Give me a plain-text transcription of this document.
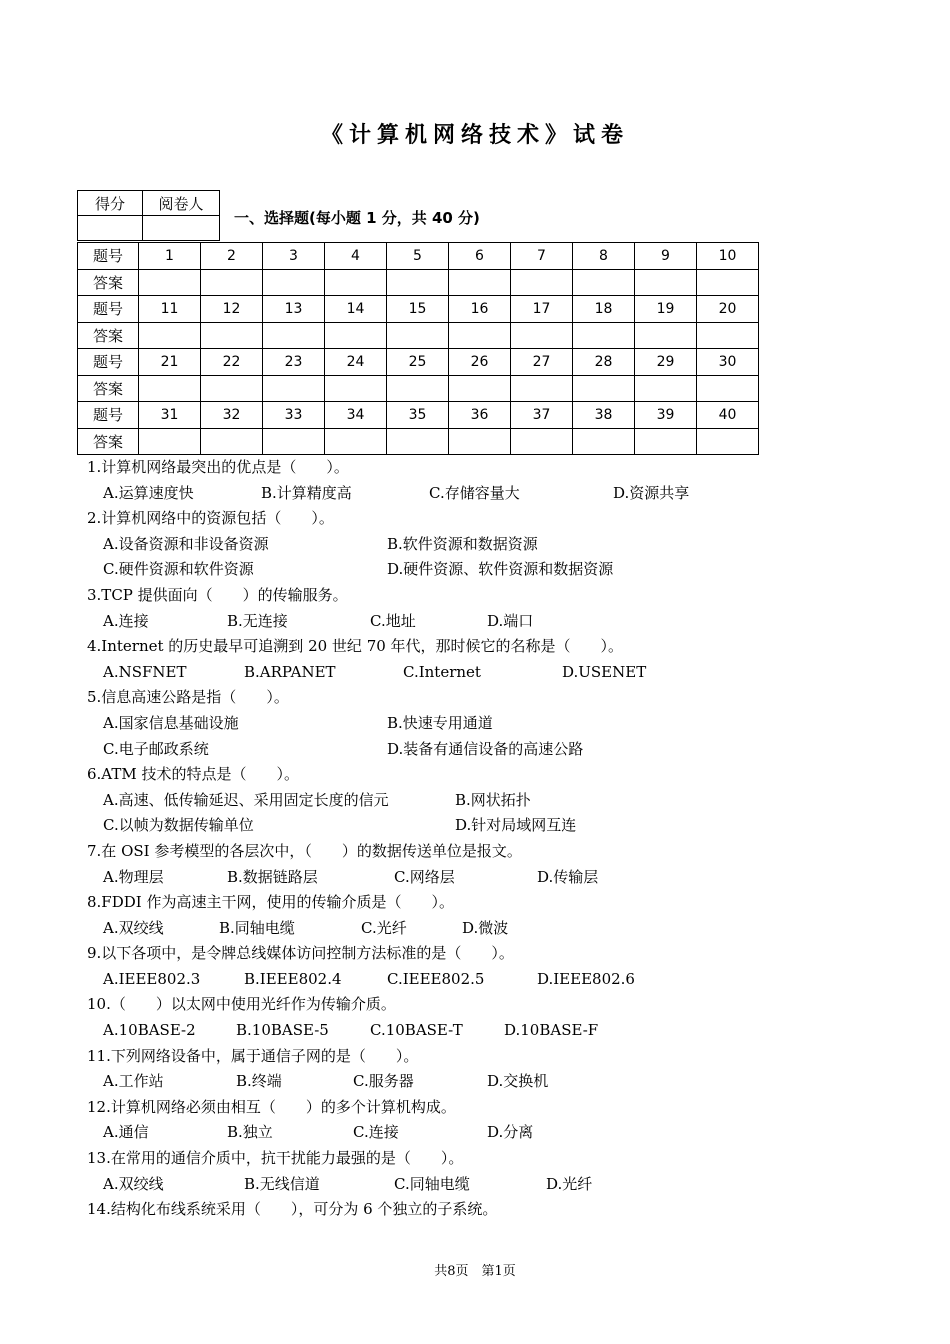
《计算机网络技术》试卷
得分	阅卷人

一、选择题(每小题 1 分，共 40 分)
题号	1	2	3	4	5	6	7	8	9	10
答案										
题号	11	12	13	14	15	16	17	18	19	20
答案										
题号	21	22	23	24	25	26	27	28	29	30
答案										
题号	31	32	33	34	35	36	37	38	39	40
答案										
1.计算机网络最突出的优点是（　　）。
A.运算速度快	B.计算精度高	C.存储容量大	D.资源共享
2.计算机网络中的资源包括（　　）。
A.设备资源和非设备资源	B.软件资源和数据资源
C.硬件资源和软件资源	D.硬件资源、软件资源和数据资源
3.TCP 提供面向（　　）的传输服务。
A.连接	B.无连接	C.地址	D.端口
4.Internet 的历史最早可追溯到 20 世纪 70 年代，那时候它的名称是（　　）。
A.NSFNET	B.ARPANET	C.Internet	D.USENET
5.信息高速公路是指（　　）。
A.国家信息基础设施	B.快速专用通道
C.电子邮政系统	D.装备有通信设备的高速公路
6.ATM 技术的特点是（　　）。
A.高速、低传输延迟、采用固定长度的信元	B.网状拓扑
C.以帧为数据传输单位	D.针对局域网互连
7.在 OSI 参考模型的各层次中，（　　）的数据传送单位是报文。
A.物理层	B.数据链路层	C.网络层	D.传输层
8.FDDI 作为高速主干网，使用的传输介质是（　　）。
A.双绞线	B.同轴电缆	C.光纤	D.微波
9.以下各项中，是令牌总线媒体访问控制方法标准的是（　　）。
A.IEEE802.3	B.IEEE802.4	C.IEEE802.5	D.IEEE802.6
10.（　　）以太网中使用光纤作为传输介质。
A.10BASE-2	B.10BASE-5	C.10BASE-T	D.10BASE-F
11.下列网络设备中，属于通信子网的是（　　）。
A.工作站	B.终端	C.服务器	D.交换机
12.计算机网络必须由相互（　　）的多个计算机构成。
A.通信	B.独立	C.连接	D.分离
13.在常用的通信介质中，抗干扰能力最强的是（　　）。
A.双绞线	B.无线信道	C.同轴电缆	D.光纤
14.结构化布线系统采用（　　），可分为 6 个独立的子系统。
共8页　第1页
